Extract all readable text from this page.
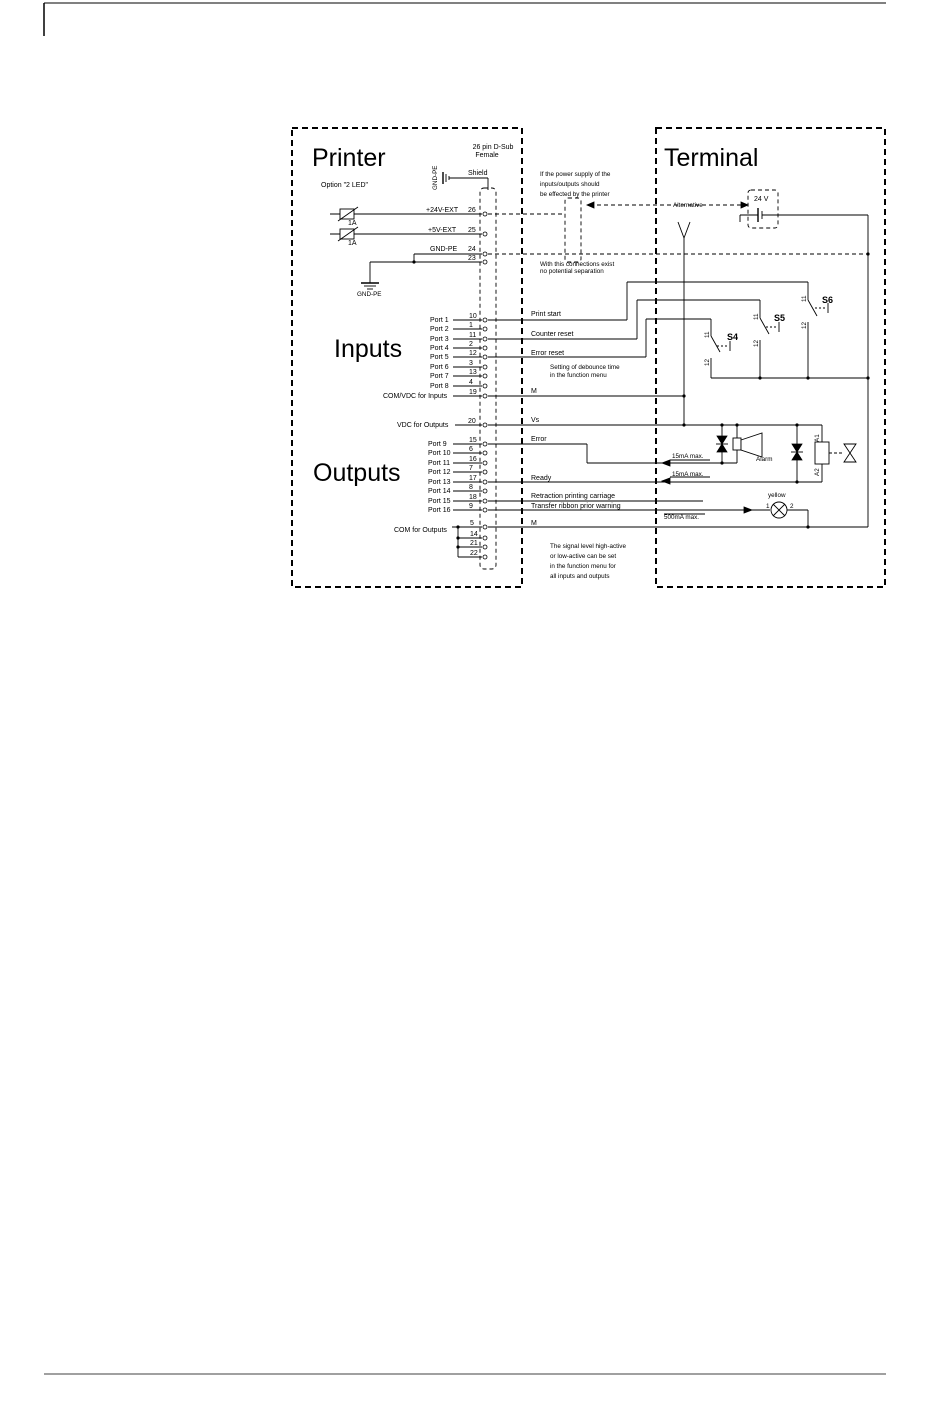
Printer	Terminal
Option "2 LED"
Inputs
Outputs
26 pin D-Sub
Female
GND-PE	Shield
1A
+24V-EXT 26
1A
+5V-EXT 25
GND-PE 24
23
GND-PE
Alternative
If the power supply of the
inputs/outputs should
be effected by the printer
With this connections exist
no potential separation
24 V
Port 1
10
Port 2
1
Port 3
11
Port 4
2
Port 5
12
Port 6
3
Port 7
13
Port 8
4
COM/VDC for Inputs
19
Print start
Counter reset
Error reset
Setting of debounce time
in the function menu
M
S6
11
12
S5
11
12
S4
11
12
Port 9
15
Port 10
6
Port 11
16
Port 12
7
Port 13
17
Port 14
8
Port 15
18
Port 16
9
VDC for Outputs
20	Vs
Error
15mA max.	Alarm
Ready
15mA max.
A1
A2
Retraction printing carriage
Transfer ribbon prior warning
500mA max.
yellow
1	2
M
COM for Outputs
5
14
21
22
The signal level high-active
or low-active can be set
in the function menu for
all inputs and outputs
